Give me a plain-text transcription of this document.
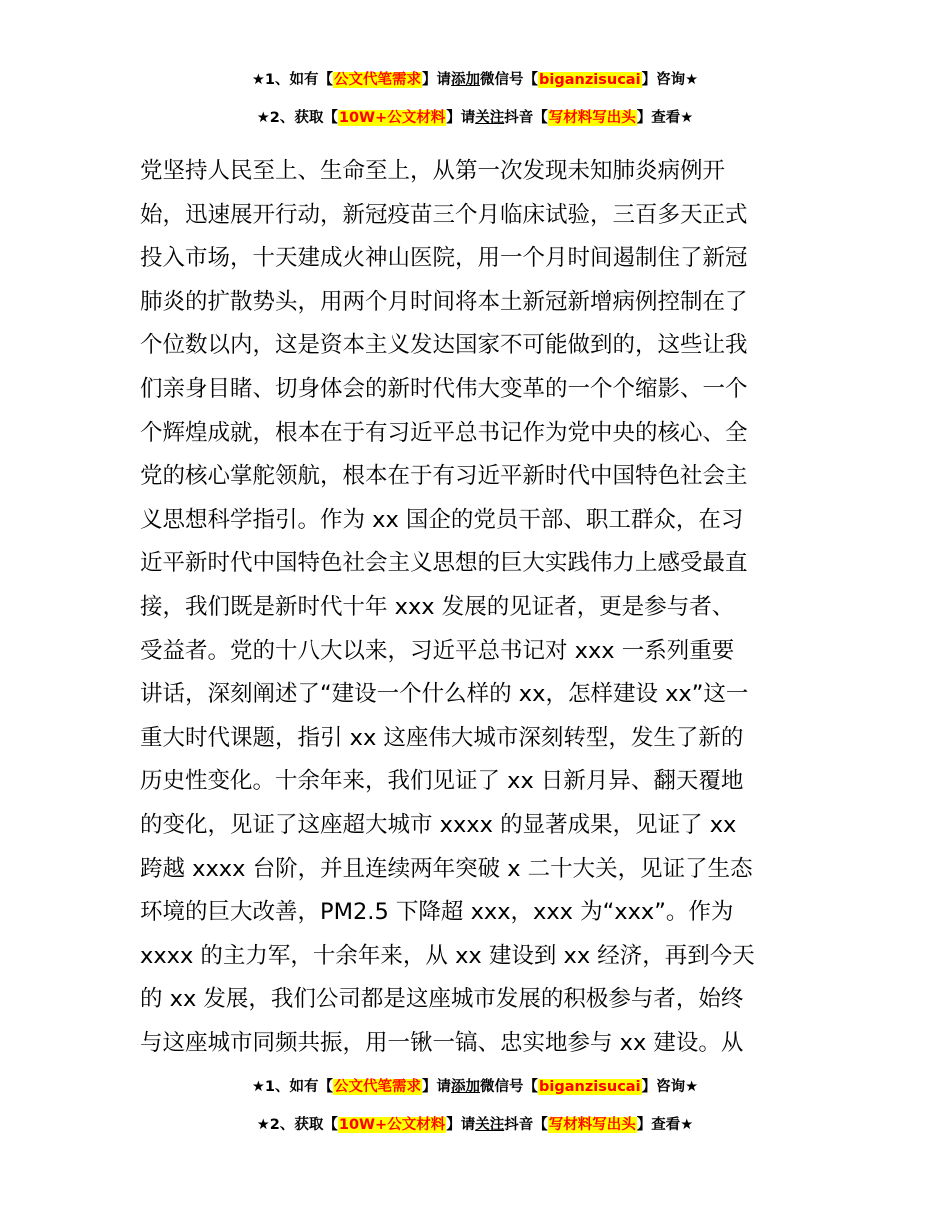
★1、如有【公文代笔需求】请添加微信号【biganzisucai】咨询★
★2、获取【10W+公文材料】请关注抖音【写材料写出头】查看★
党坚持人民至上、生命至上，从第一次发现未知肺炎病例开
始，迅速展开行动，新冠疫苗三个月临床试验，三百多天正式
投入市场，十天建成火神山医院，用一个月时间遏制住了新冠
肺炎的扩散势头，用两个月时间将本土新冠新增病例控制在了
个位数以内，这是资本主义发达国家不可能做到的，这些让我
们亲身目睹、切身体会的新时代伟大变革的一个个缩影、一个
个辉煌成就，根本在于有习近平总书记作为党中央的核心、全
党的核心掌舵领航，根本在于有习近平新时代中国特色社会主
义思想科学指引。作为 xx 国企的党员干部、职工群众，在习
近平新时代中国特色社会主义思想的巨大实践伟力上感受最直
接，我们既是新时代十年 xxx 发展的见证者，更是参与者、
受益者。党的十八大以来，习近平总书记对 xxx 一系列重要
讲话，深刻阐述了“建设一个什么样的 xx，怎样建设 xx”这一
重大时代课题，指引 xx 这座伟大城市深刻转型，发生了新的
历史性变化。十余年来，我们见证了 xx 日新月异、翻天覆地
的变化，见证了这座超大城市 xxxx 的显著成果，见证了 xx
跨越 xxxx 台阶，并且连续两年突破 x 二十大关，见证了生态
环境的巨大改善，PM2.5 下降超 xxx，xxx 为“xxx”。作为
xxxx 的主力军，十余年来，从 xx 建设到 xx 经济，再到今天
的 xx 发展，我们公司都是这座城市发展的积极参与者，始终
与这座城市同频共振，用一锹一镐、忠实地参与 xx 建设。从
★1、如有【公文代笔需求】请添加微信号【biganzisucai】咨询★
★2、获取【10W+公文材料】请关注抖音【写材料写出头】查看★
